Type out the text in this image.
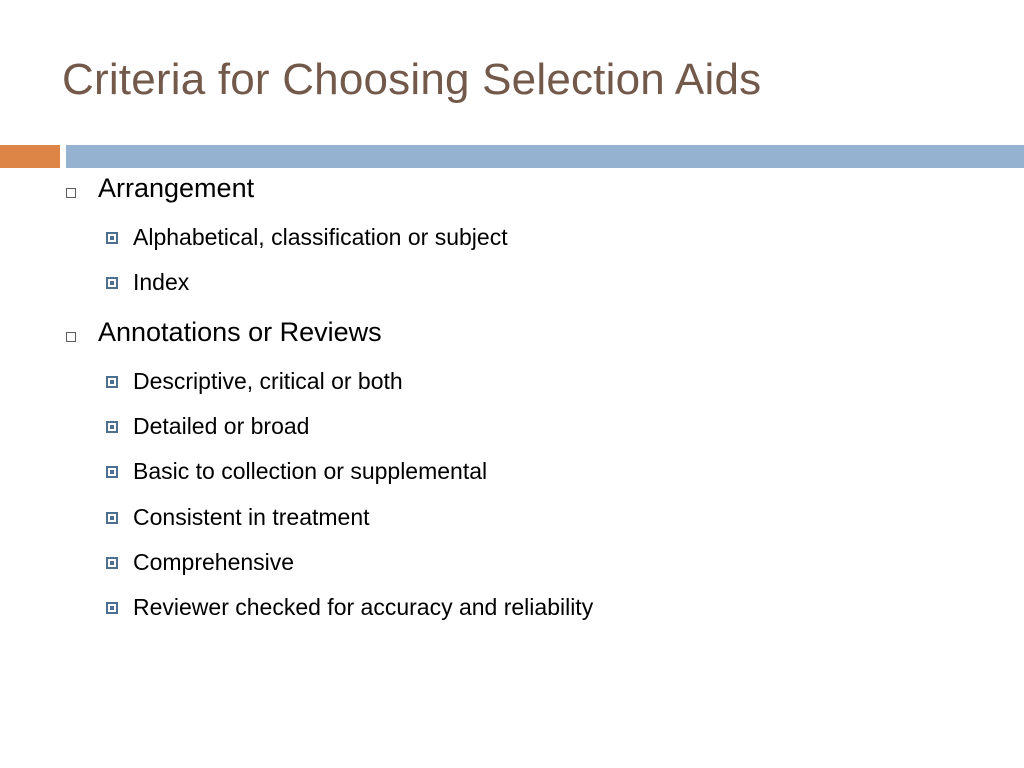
Criteria for Choosing Selection Aids
Arrangement
Alphabetical, classification or subject
Index
Annotations or Reviews
Descriptive, critical or both
Detailed or broad
Basic to collection or supplemental
Consistent in treatment
Comprehensive
Reviewer checked for accuracy and reliability
